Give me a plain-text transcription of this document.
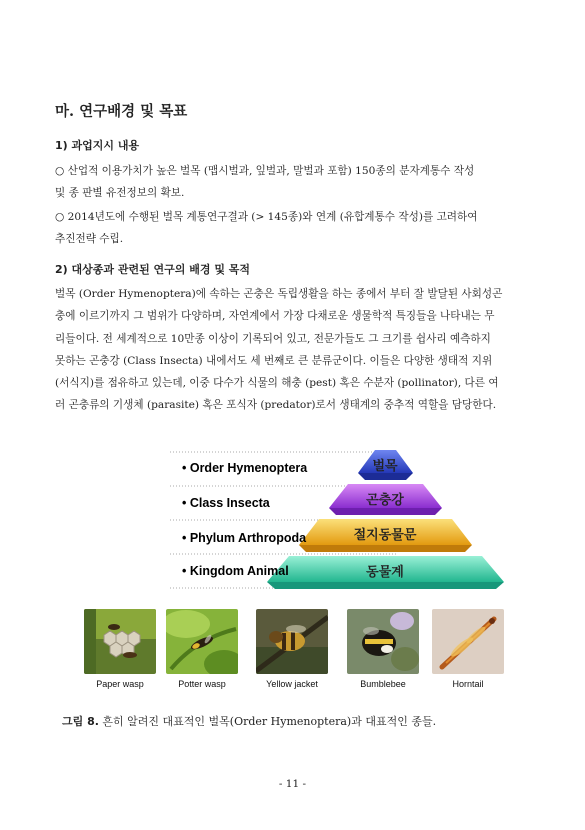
마. 연구배경 및 목표
1) 과업지시 내용
○ 산업적 이용가치가 높은 벌목 (맵시벌과, 잎벌과, 말벌과 포함) 150종의 분자계통수 작성
및 종 판별 유전정보의 확보.
○ 2014년도에 수행된 벌목 계통연구결과 (> 145종)와 연계 (유합계통수 작성)를 고려하여
추진전략 수립.
2) 대상종과 관련된 연구의 배경 및 목적
벌목 (Order Hymenoptera)에 속하는 곤충은 독립생활을 하는 종에서 부터 잘 발달된 사회성곤
충에 이르기까지 그 범위가 다양하며, 자연계에서 가장 다채로운 생물학적 특징들을 나타내는 무
리들이다. 전 세계적으로 10만종 이상이 기록되어 있고, 전문가들도 그 크기를 쉽사리 예측하지
못하는 곤충강 (Class Insecta) 내에서도 세 번째로 큰 분류군이다. 이들은 다양한 생태적 지위
(서식지)를 점유하고 있는데, 이중 다수가 식물의 해충 (pest) 혹은 수분자 (pollinator), 다른 여
러 곤충류의 기생체 (parasite) 혹은 포식자 (predator)로서 생태계의 중추적 역할을 담당한다.
• Order Hymenoptera
• Class Insecta
• Phylum Arthropoda
• Kingdom Animal
벌목
곤충강
절지동물문
동물계
Paper wasp	Potter wasp	Yellow jacket	Bumblebee	Horntail
그림 8. 흔히 알려진 대표적인 벌목(Order Hymenoptera)과 대표적인 종들.
- 11 -
